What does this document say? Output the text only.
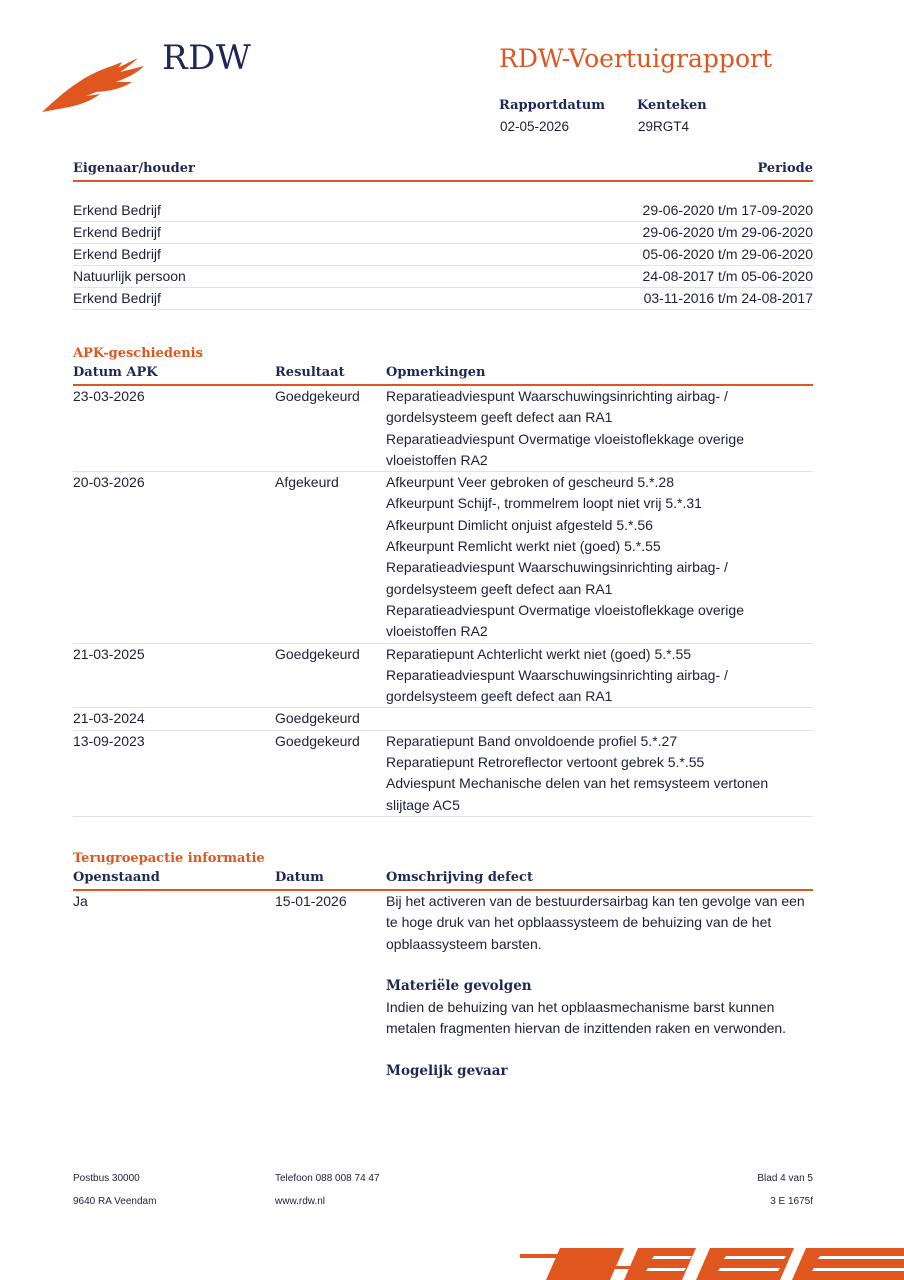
RDW	RDW-Voertuigrapport
Rapportdatum
02-05-2026
Kenteken
29RGT4
Eigenaar/houder	Periode
Erkend Bedrijf	29-06-2020 t/m 17-09-2020
Erkend Bedrijf	29-06-2020 t/m 29-06-2020
Erkend Bedrijf	05-06-2020 t/m 29-06-2020
Natuurlijk persoon	24-08-2017 t/m 05-06-2020
Erkend Bedrijf	03-11-2016 t/m 24-08-2017
APK-geschiedenis
Datum APK	Resultaat	Opmerkingen
23-03-2026	Goedgekeurd	Reparatieadviespunt Waarschuwingsinrichting airbag- /
gordelsysteem geeft defect aan RA1
Reparatieadviespunt Overmatige vloeistoflekkage overige
vloeistoffen RA2
20-03-2026	Afgekeurd	Afkeurpunt Veer gebroken of gescheurd 5.*.28
Afkeurpunt Schijf-, trommelrem loopt niet vrij 5.*.31
Afkeurpunt Dimlicht onjuist afgesteld 5.*.56
Afkeurpunt Remlicht werkt niet (goed) 5.*.55
Reparatieadviespunt Waarschuwingsinrichting airbag- /
gordelsysteem geeft defect aan RA1
Reparatieadviespunt Overmatige vloeistoflekkage overige
vloeistoffen RA2
21-03-2025	Goedgekeurd	Reparatiepunt Achterlicht werkt niet (goed) 5.*.55
Reparatieadviespunt Waarschuwingsinrichting airbag- /
gordelsysteem geeft defect aan RA1
21-03-2024	Goedgekeurd
13-09-2023	Goedgekeurd	Reparatiepunt Band onvoldoende profiel 5.*.27
Reparatiepunt Retroreflector vertoont gebrek 5.*.55
Adviespunt Mechanische delen van het remsysteem vertonen
slijtage AC5
Terugroepactie informatie
Openstaand	Datum	Omschrijving defect
Ja	15-01-2026	Bij het activeren van de bestuurdersairbag kan ten gevolge van een
te hoge druk van het opblaassysteem de behuizing van de het
opblaassysteem barsten.
Materiële gevolgen
Indien de behuizing van het opblaasmechanisme barst kunnen
metalen fragmenten hiervan de inzittenden raken en verwonden.
Mogelijk gevaar
Postbus 30000
9640 RA Veendam
Telefoon 088 008 74 47
www.rdw.nl
Blad 4 van 5
3 E 1675f
